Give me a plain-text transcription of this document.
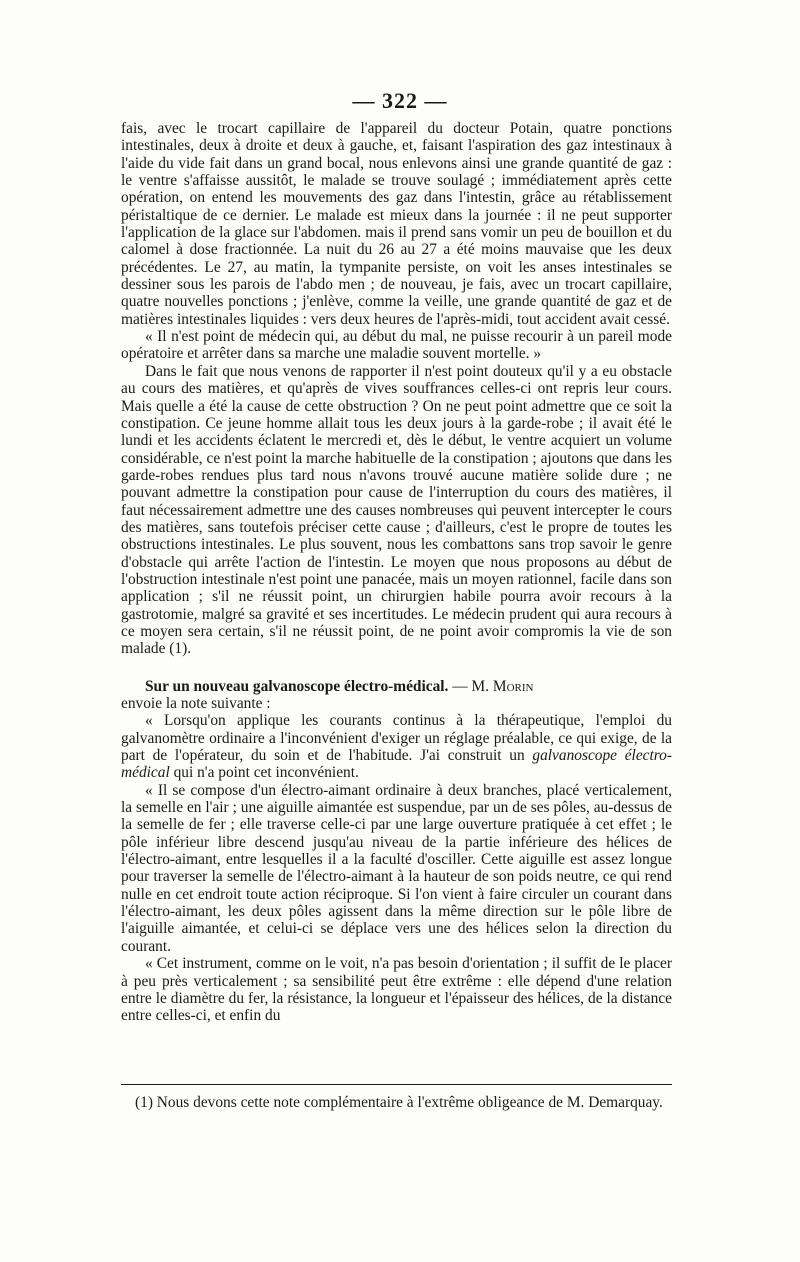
— 322 —

fais, avec le trocart capillaire de l'appareil du docteur Potain, quatre ponctions intestinales, deux à droite et deux à gauche, et, faisant l'aspiration des gaz intestinaux à l'aide du vide fait dans un grand bocal, nous enlevons ainsi une grande quantité de gaz : le ventre s'affaisse aussitôt, le malade se trouve soulagé ; immédiatement après cette opération, on entend les mouvements des gaz dans l'intestin, grâce au rétablissement péristaltique de ce dernier. Le malade est mieux dans la journée : il ne peut supporter l'application de la glace sur l'abdomen. mais il prend sans vomir un peu de bouillon et du calomel à dose fractionnée. La nuit du 26 au 27 a été moins mauvaise que les deux précédentes. Le 27, au matin, la tympanite persiste, on voit les anses intestinales se dessiner sous les parois de l'abdo men ; de nouveau, je fais, avec un trocart capillaire, quatre nouvelles ponctions ; j'enlève, comme la veille, une grande quantité de gaz et de matières intestinales liquides : vers deux heures de l'après-midi, tout accident avait cessé.

« Il n'est point de médecin qui, au début du mal, ne puisse recourir à un pareil mode opératoire et arrêter dans sa marche une maladie souvent mortelle. »

Dans le fait que nous venons de rapporter il n'est point douteux qu'il y a eu obstacle au cours des matières, et qu'après de vives souffrances celles-ci ont repris leur cours. Mais quelle a été la cause de cette obstruction ? On ne peut point admettre que ce soit la constipation. Ce jeune homme allait tous les deux jours à la garde-robe ; il avait été le lundi et les accidents éclatent le mercredi et, dès le début, le ventre acquiert un volume considérable, ce n'est point la marche habituelle de la constipation ; ajoutons que dans les garde-robes rendues plus tard nous n'avons trouvé aucune matière solide dure ; ne pouvant admettre la constipation pour cause de l'interruption du cours des matières, il faut nécessairement admettre une des causes nombreuses qui peuvent intercepter le cours des matières, sans toutefois préciser cette cause ; d'ailleurs, c'est le propre de toutes les obstructions intestinales. Le plus souvent, nous les combattons sans trop savoir le genre d'obstacle qui arrête l'action de l'intestin. Le moyen que nous proposons au début de l'obstruction intestinale n'est point une panacée, mais un moyen rationnel, facile dans son application ; s'il ne réussit point, un chirurgien habile pourra avoir recours à la gastrotomie, malgré sa gravité et ses incertitudes. Le médecin prudent qui aura recours à ce moyen sera certain, s'il ne réussit point, de ne point avoir compromis la vie de son malade (1).

Sur un nouveau galvanoscope électro-médical. — M. Morin

envoie la note suivante :

« Lorsqu'on applique les courants continus à la thérapeutique, l'emploi du galvanomètre ordinaire a l'inconvénient d'exiger un réglage préalable, ce qui exige, de la part de l'opérateur, du soin et de l'habitude. J'ai construit un galvanoscope électro-médical qui n'a point cet inconvénient.

« Il se compose d'un électro-aimant ordinaire à deux branches, placé verticalement, la semelle en l'air ; une aiguille aimantée est suspendue, par un de ses pôles, au-dessus de la semelle de fer ; elle traverse celle-ci par une large ouverture pratiquée à cet effet ; le pôle inférieur libre descend jusqu'au niveau de la partie inférieure des hélices de l'électro-aimant, entre lesquelles il a la faculté d'osciller. Cette aiguille est assez longue pour traverser la semelle de l'électro-aimant à la hauteur de son poids neutre, ce qui rend nulle en cet endroit toute action réciproque. Si l'on vient à faire circuler un courant dans l'électro-aimant, les deux pôles agissent dans la même direction sur le pôle libre de l'aiguille aimantée, et celui-ci se déplace vers une des hélices selon la direction du courant.

« Cet instrument, comme on le voit, n'a pas besoin d'orientation ; il suffit de le placer à peu près verticalement ; sa sensibilité peut être extrême : elle dépend d'une relation entre le diamètre du fer, la résistance, la longueur et l'épaisseur des hélices, de la distance entre celles-ci, et enfin du

(1) Nous devons cette note complémentaire à l'extrême obligeance de M. Demarquay.
